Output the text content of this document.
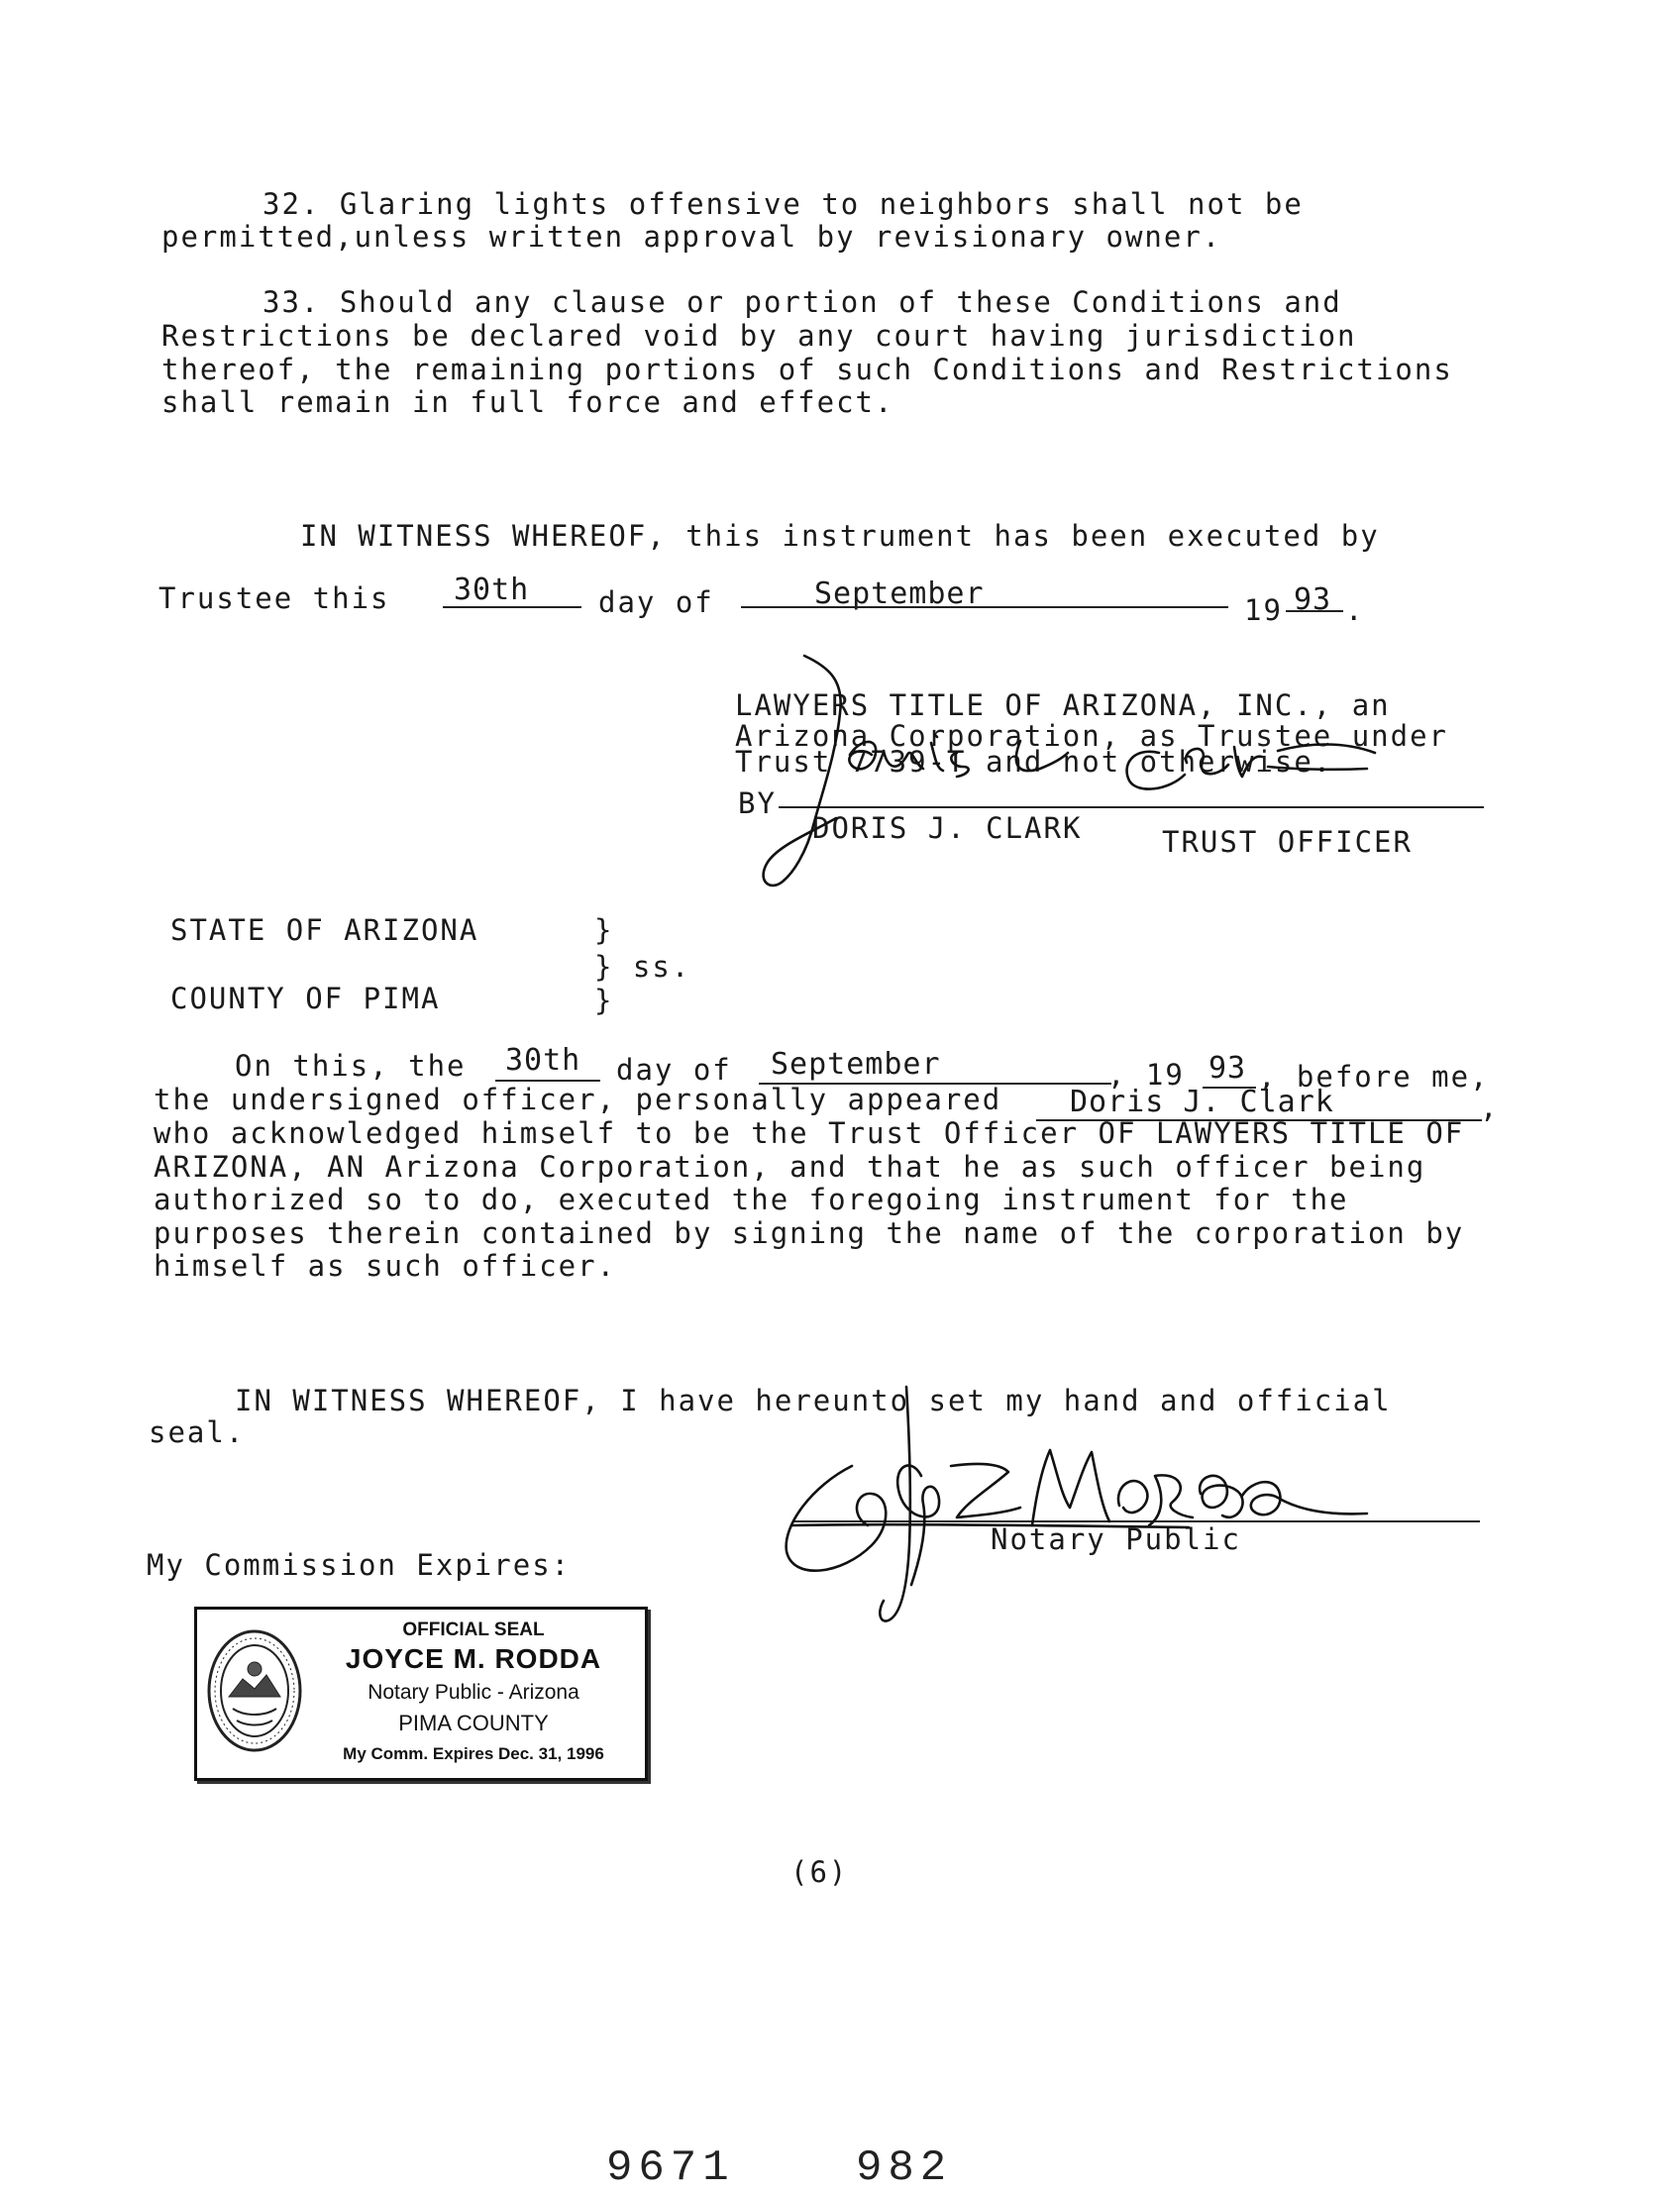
32. Glaring lights offensive to neighbors shall not be
permitted,unless written approval by revisionary owner.
33. Should any clause or portion of these Conditions and
Restrictions be declared void by any court having jurisdiction
thereof, the remaining portions of such Conditions and Restrictions
shall remain in full force and effect.
IN WITNESS WHEREOF, this instrument has been executed by
Trustee this 30th day of	September	19 93 .
LAWYERS TITLE OF ARIZONA, INC., an
Arizona Corporation, as Trustee under
Trust 7739-T and not otherwise.
BY
DORIS J. CLARK	TRUST OFFICER
STATE OF ARIZONA	}
} ss.
COUNTY OF PIMA	}
On this, the 30th day of September	, 19 93 , before me,
the undersigned officer, personally appeared Doris J. Clark	,
who acknowledged himself to be the Trust Officer OF LAWYERS TITLE OF
ARIZONA, AN Arizona Corporation, and that he as such officer being
authorized so to do, executed the foregoing instrument for the
purposes therein contained by signing the name of the corporation by
himself as such officer.
IN WITNESS WHEREOF, I have hereunto set my hand and official
seal.
Notary Public
My Commission Expires:
OFFICIAL SEAL
JOYCE M. RODDA
Notary Public - Arizona
PIMA COUNTY
My Comm. Expires Dec. 31, 1996
(6)
9671	982
